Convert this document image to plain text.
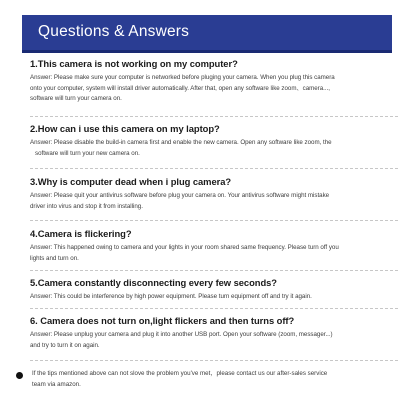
Questions & Answers

1.This camera is not working on my computer?

Answer: Please make sure your computer is networked before pluging your camera. When you plug this camera
onto your computer, system will install driver automatically. After that, open any software like zoom、camera...,
software will turn your camera on.

2.How can i use this camera on my laptop?

Answer: Please disable the build-in camera first and enable the new camera. Open any software like zoom, the
software will turn your new camera on.

3.Why is computer dead when i plug camera?

Answer: Please quit your antivirus software before plug your camera on. Your antivirus software might mistake
driver into virus and stop it from installing.

4.Camera is flickering?

Answer: This happened owing to camera and your lights in your room shared same frequency. Please turn off you
lights and turn on.

5.Camera constantly disconnecting every few seconds?

Answer: This could be interference by high power equipment. Please turn equipment off and try it again.

6. Camera does not turn on,light flickers and then turns off?

Answer: Please unplug your camera and plug it into another USB port. Open your software (zoom, messager...)
and try to turn it on again.

If the tips mentioned above can not slove the problem you've met，please contact us our after-sales service
team via amazon.
